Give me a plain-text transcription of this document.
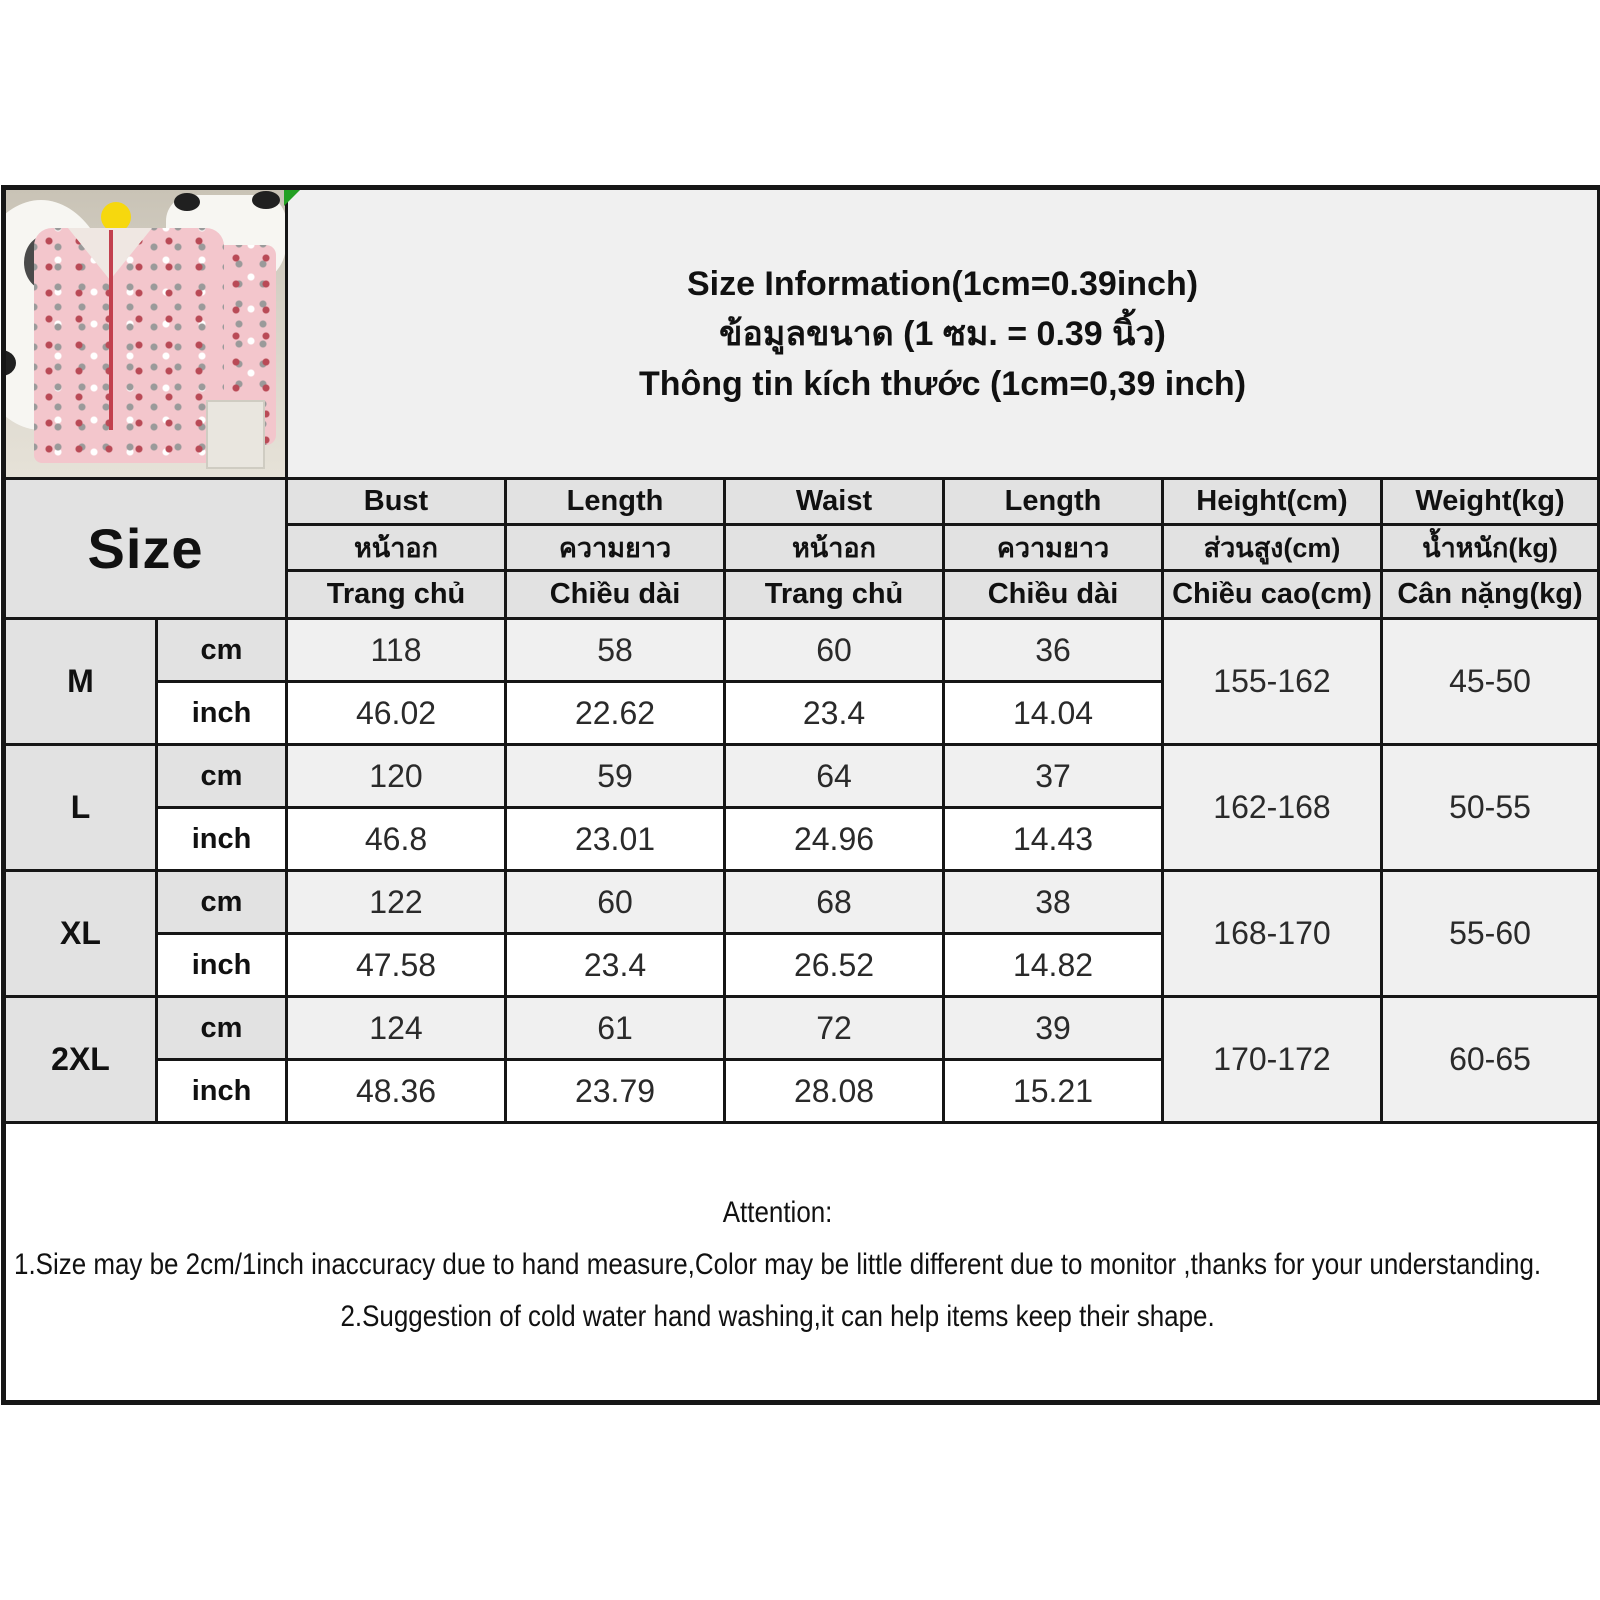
		Size Information(1cm=0.39inch)
ข้อมูลขนาด (1 ซม. = 0.39 นิ้ว)
Thông tin kích thước (1cm=0,39 inch)					

Size		Bust	Length	Waist	Length	Height(cm)	Weight(kg)
		หน้าอก	ความยาว	หน้าอก	ความยาว	ส่วนสูง(cm)	น้ำหนัก(kg)
		Trang chủ	Chiều dài	Trang chủ	Chiều dài	Chiều cao(cm)	Cân nặng(kg)
M	cm	118	58	60	36	155-162	45-50
	inch	46.02	22.62	23.4	14.04		
L	cm	120	59	64	37	162-168	50-55
	inch	46.8	23.01	24.96	14.43		
XL	cm	122	60	68	38	168-170	55-60
	inch	47.58	23.4	26.52	14.82		
2XL	cm	124	61	72	39	170-172	60-65
	inch	48.36	23.79	28.08	15.21		

Attention:
1.Size may be 2cm/1inch inaccuracy due to hand measure,Color may be little different due to monitor ,thanks for your understanding.
2.Suggestion of cold water hand washing,it can help items keep their shape.							
